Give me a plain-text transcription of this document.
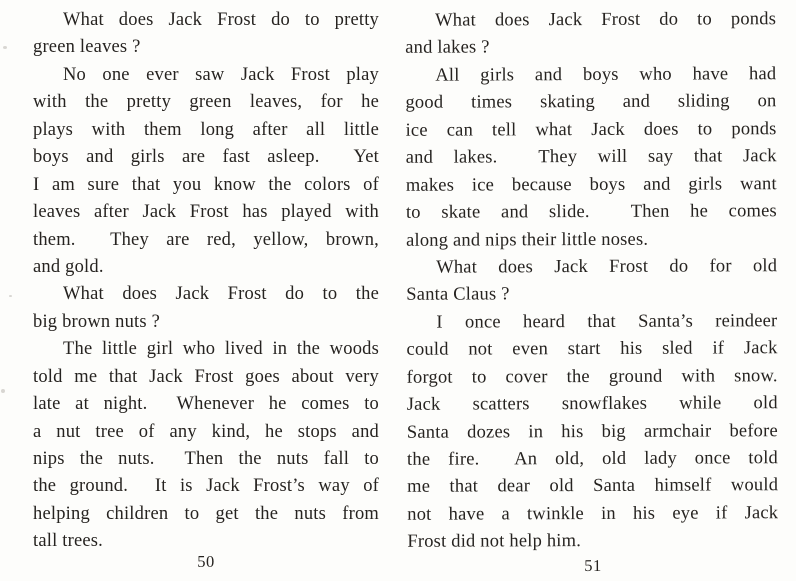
What does Jack Frost do to pretty
green leaves ?
No one ever saw Jack Frost play
with the pretty green leaves, for he
plays with them long after all little
boys and girls are fast asleep.  Yet
I am sure that you know the colors of
leaves after Jack Frost has played with
them.  They are red, yellow, brown,
and gold.
What does Jack Frost do to the
big brown nuts ?
The little girl who lived in the woods
told me that Jack Frost goes about very
late at night.  Whenever he comes to
a nut tree of any kind, he stops and
nips the nuts.  Then the nuts fall to
the ground.  It is Jack Frost’s way of
helping children to get the nuts from
tall trees.
50
What does Jack Frost do to ponds
and lakes ?
All girls and boys who have had
good times skating and sliding on
ice can tell what Jack does to ponds
and lakes.  They will say that Jack
makes ice because boys and girls want
to skate and slide.  Then he comes
along and nips their little noses.
What does Jack Frost do for old
Santa Claus ?
I once heard that Santa’s reindeer
could not even start his sled if Jack
forgot to cover the ground with snow.
Jack scatters snowflakes while old
Santa dozes in his big armchair before
the fire.  An old, old lady once told
me that dear old Santa himself would
not have a twinkle in his eye if Jack
Frost did not help him.
51
